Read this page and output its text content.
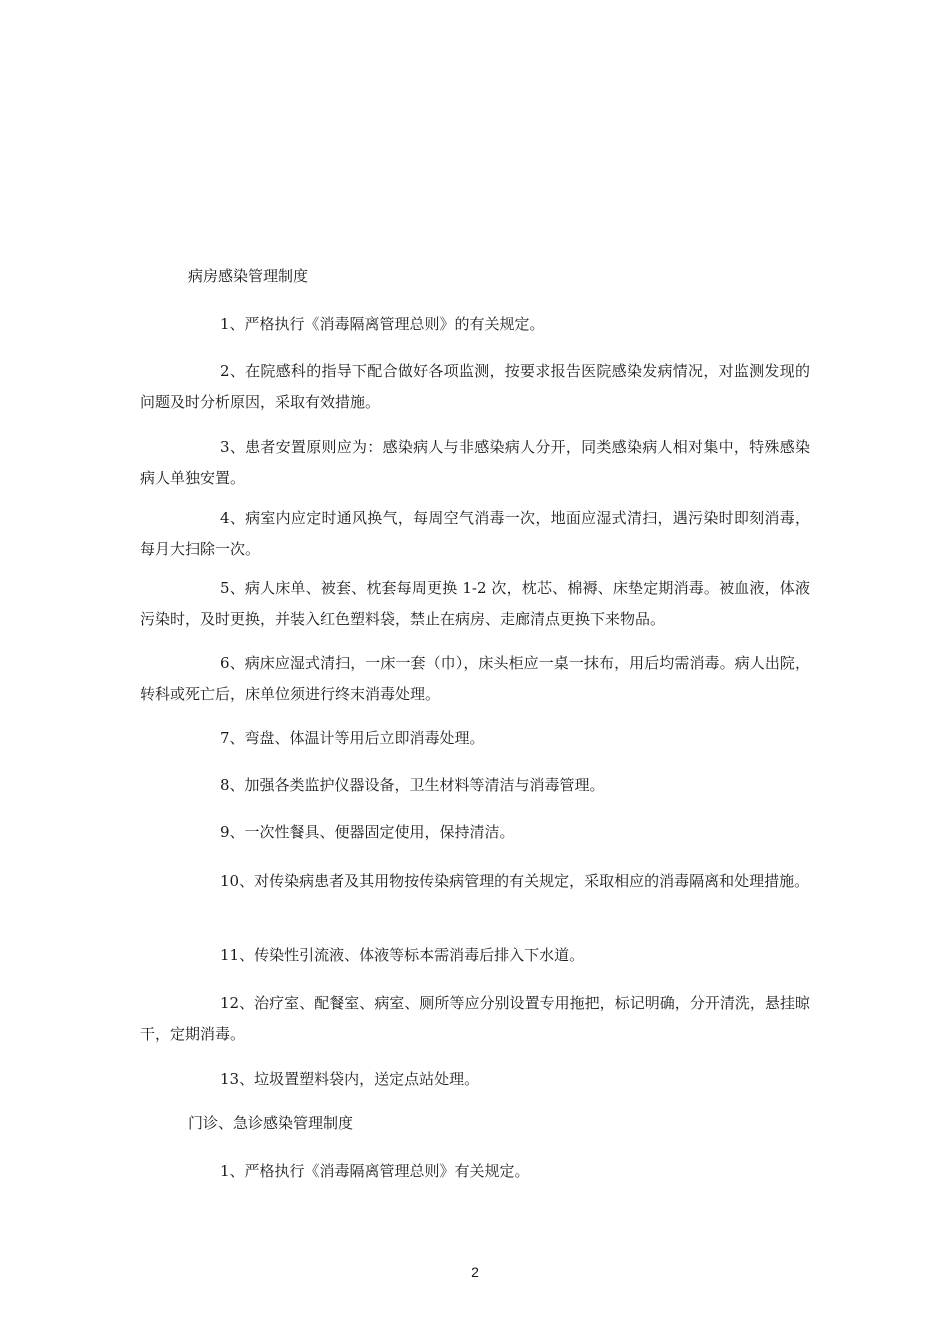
病房感染管理制度
1、严格执行《消毒隔离管理总则》的有关规定。
2、在院感科的指导下配合做好各项监测，按要求报告医院感染发病情况，对监测发现的问题及时分析原因，采取有效措施。
3、患者安置原则应为：感染病人与非感染病人分开，同类感染病人相对集中，特殊感染病人单独安置。
4、病室内应定时通风换气，每周空气消毒一次，地面应湿式清扫，遇污染时即刻消毒，每月大扫除一次。
5、病人床单、被套、枕套每周更换 1-2 次，枕芯、棉褥、床垫定期消毒。被血液，体液污染时，及时更换，并装入红色塑料袋，禁止在病房、走廊清点更换下来物品。
6、病床应湿式清扫，一床一套（巾），床头柜应一桌一抹布，用后均需消毒。病人出院，转科或死亡后，床单位须进行终末消毒处理。
7、弯盘、体温计等用后立即消毒处理。
8、加强各类监护仪器设备，卫生材料等清洁与消毒管理。
9、一次性餐具、便器固定使用，保持清洁。
10、对传染病患者及其用物按传染病管理的有关规定，采取相应的消毒隔离和处理措施。
11、传染性引流液、体液等标本需消毒后排入下水道。
12、治疗室、配餐室、病室、厕所等应分别设置专用拖把，标记明确，分开清洗，悬挂晾干，定期消毒。
13、垃圾置塑料袋内，送定点站处理。
门诊、急诊感染管理制度
1、严格执行《消毒隔离管理总则》有关规定。
2
